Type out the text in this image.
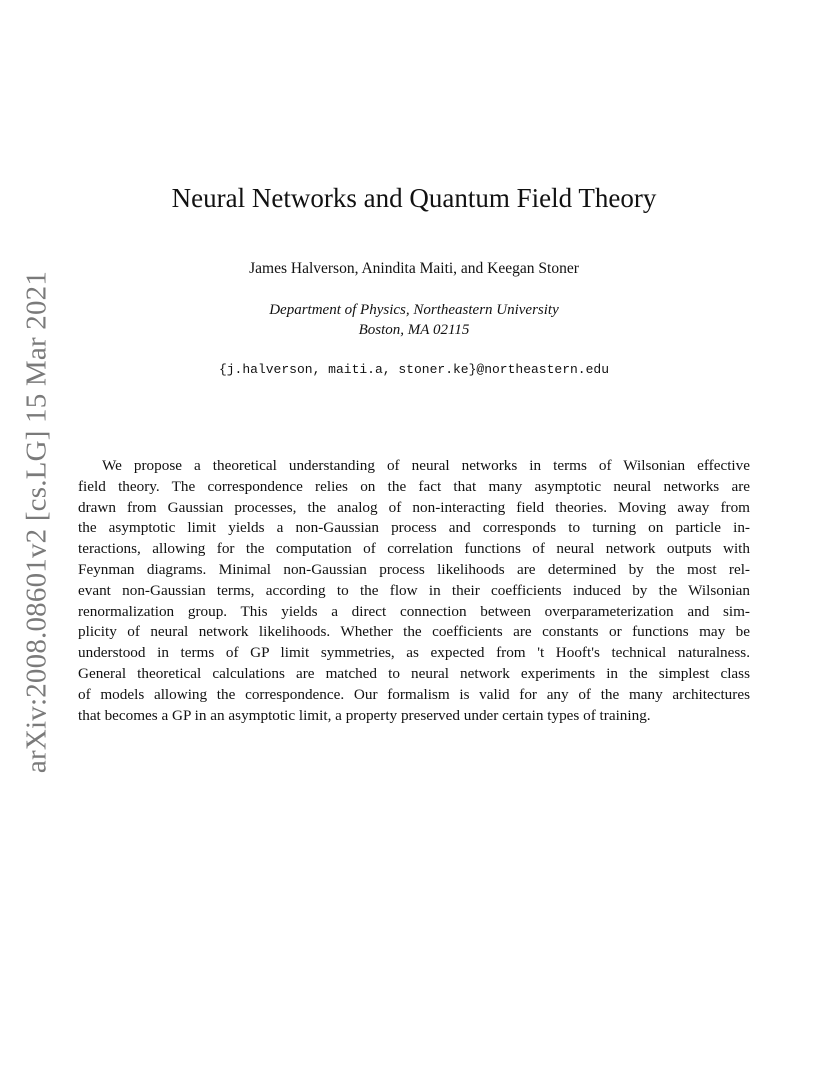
arXiv:2008.08601v2 [cs.LG] 15 Mar 2021
Neural Networks and Quantum Field Theory
James Halverson, Anindita Maiti, and Keegan Stoner
Department of Physics, Northeastern University
Boston, MA 02115
{j.halverson, maiti.a, stoner.ke}@northeastern.edu
We propose a theoretical understanding of neural networks in terms of Wilsonian effective
field theory. The correspondence relies on the fact that many asymptotic neural networks are
drawn from Gaussian processes, the analog of non-interacting field theories. Moving away from
the asymptotic limit yields a non-Gaussian process and corresponds to turning on particle in-
teractions, allowing for the computation of correlation functions of neural network outputs with
Feynman diagrams. Minimal non-Gaussian process likelihoods are determined by the most rel-
evant non-Gaussian terms, according to the flow in their coefficients induced by the Wilsonian
renormalization group. This yields a direct connection between overparameterization and sim-
plicity of neural network likelihoods. Whether the coefficients are constants or functions may be
understood in terms of GP limit symmetries, as expected from 't Hooft's technical naturalness.
General theoretical calculations are matched to neural network experiments in the simplest class
of models allowing the correspondence. Our formalism is valid for any of the many architectures
that becomes a GP in an asymptotic limit, a property preserved under certain types of training.
